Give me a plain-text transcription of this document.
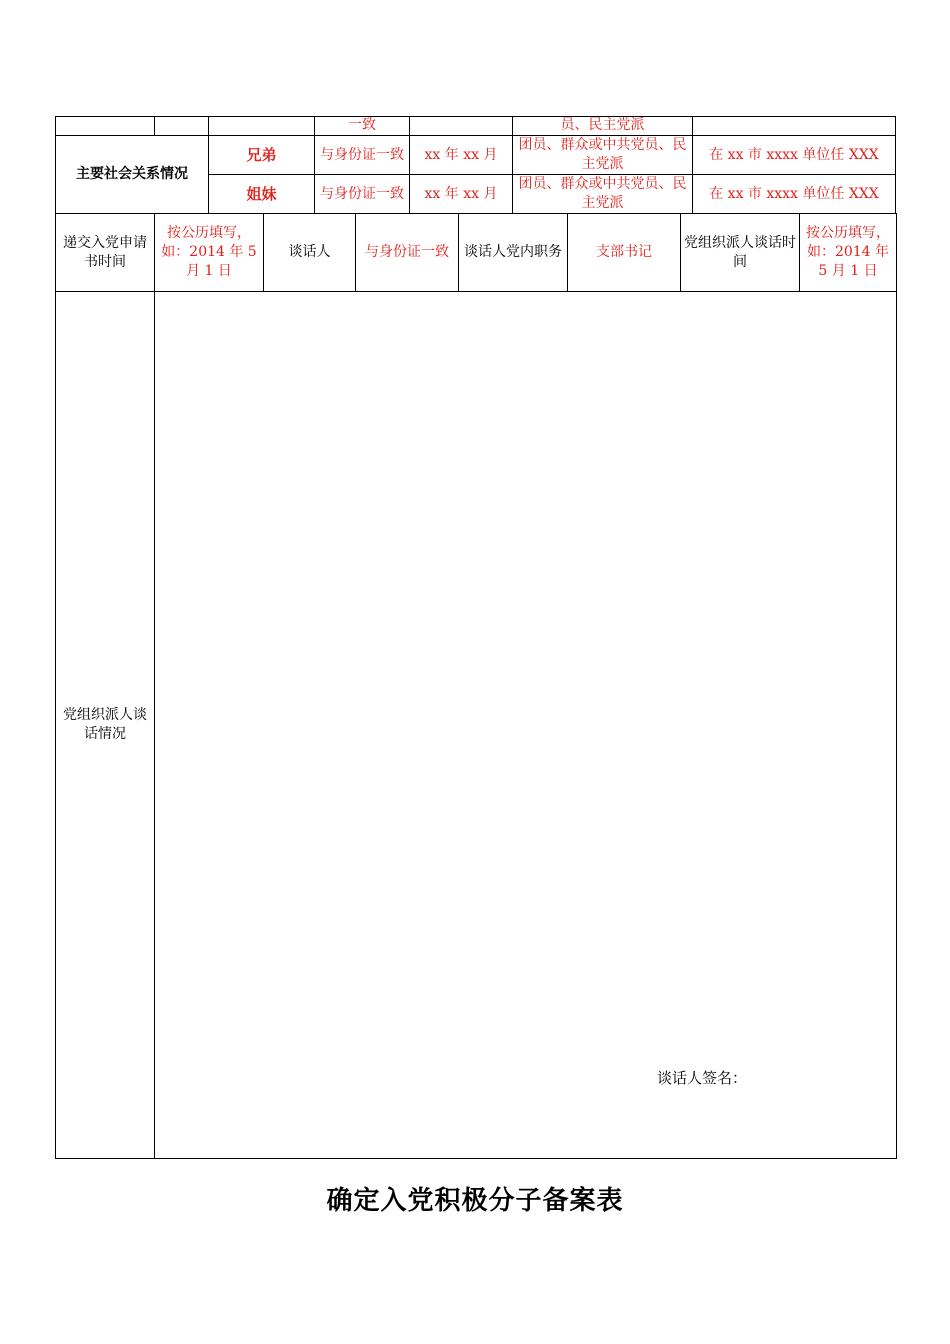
			一致		员、民主党派	
主要社会关系情况		兄弟	与身份证一致	xx 年 xx 月	团员、群众或中共党员、民主党派	在 xx 市 xxxx 单位任 XXX
		姐妹	与身份证一致	xx 年 xx 月	团员、群众或中共党员、民主党派	在 xx 市 xxxx 单位任 XXX
递交入党申请书时间	按公历填写，如：2014 年 5 月 1 日	谈话人	与身份证一致	谈话人党内职务	支部书记	党组织派人谈话时间	按公历填写，如：2014 年 5 月 1 日
党组织派人谈话情况	
谈话人签名：
确定入党积极分子备案表
